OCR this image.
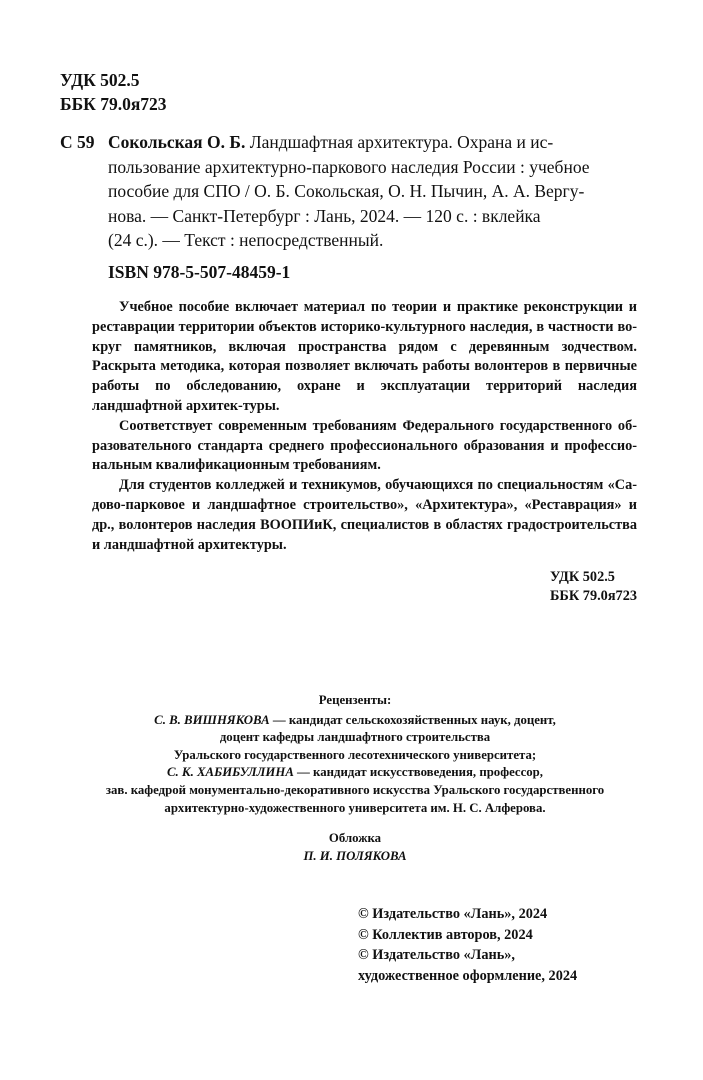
УДК 502.5
ББК 79.0я723
С 59 Сокольская О. Б. Ландшафтная архитектура. Охрана и ис-
пользование архитектурно-паркового наследия России : учебное
пособие для СПО / О. Б. Сокольская, О. Н. Пычин, А. А. Вергу-
нова. — Санкт-Петербург : Лань, 2024. — 120 с. : вклейка
(24 с.). — Текст : непосредственный.
ISBN 978-5-507-48459-1

Учебное пособие включает материал по теории и практике реконструкции и реставрации территории объектов историко-культурного наследия, в частности во-круг памятников, включая пространства рядом с деревянным зодчеством. Раскрыта методика, которая позволяет включать работы волонтеров в первичные работы по обследованию, охране и эксплуатации территорий наследия ландшафтной архитек-туры.

Соответствует современным требованиям Федерального государственного об-разовательного стандарта среднего профессионального образования и профессио-нальным квалификационным требованиям.

Для студентов колледжей и техникумов, обучающихся по специальностям «Са-дово-парковое и ландшафтное строительство», «Архитектура», «Реставрация» и др., волонтеров наследия ВООПИиК, специалистов в областях градостроительства и ландшафтной архитектуры.

УДК 502.5
ББК 79.0я723
Рецензенты:
С. В. ВИШНЯКОВА — кандидат сельскохозяйственных наук, доцент,
доцент кафедры ландшафтного строительства
Уральского государственного лесотехнического университета;
С. К. ХАБИБУЛЛИНА — кандидат искусствоведения, профессор,
зав. кафедрой монументально-декоративного искусства Уральского государственного
архитектурно-художественного университета им. Н. С. Алферова.
Обложка
П. И. ПОЛЯКОВА
© Издательство «Лань», 2024
© Коллектив авторов, 2024
© Издательство «Лань»,
художественное оформление, 2024
